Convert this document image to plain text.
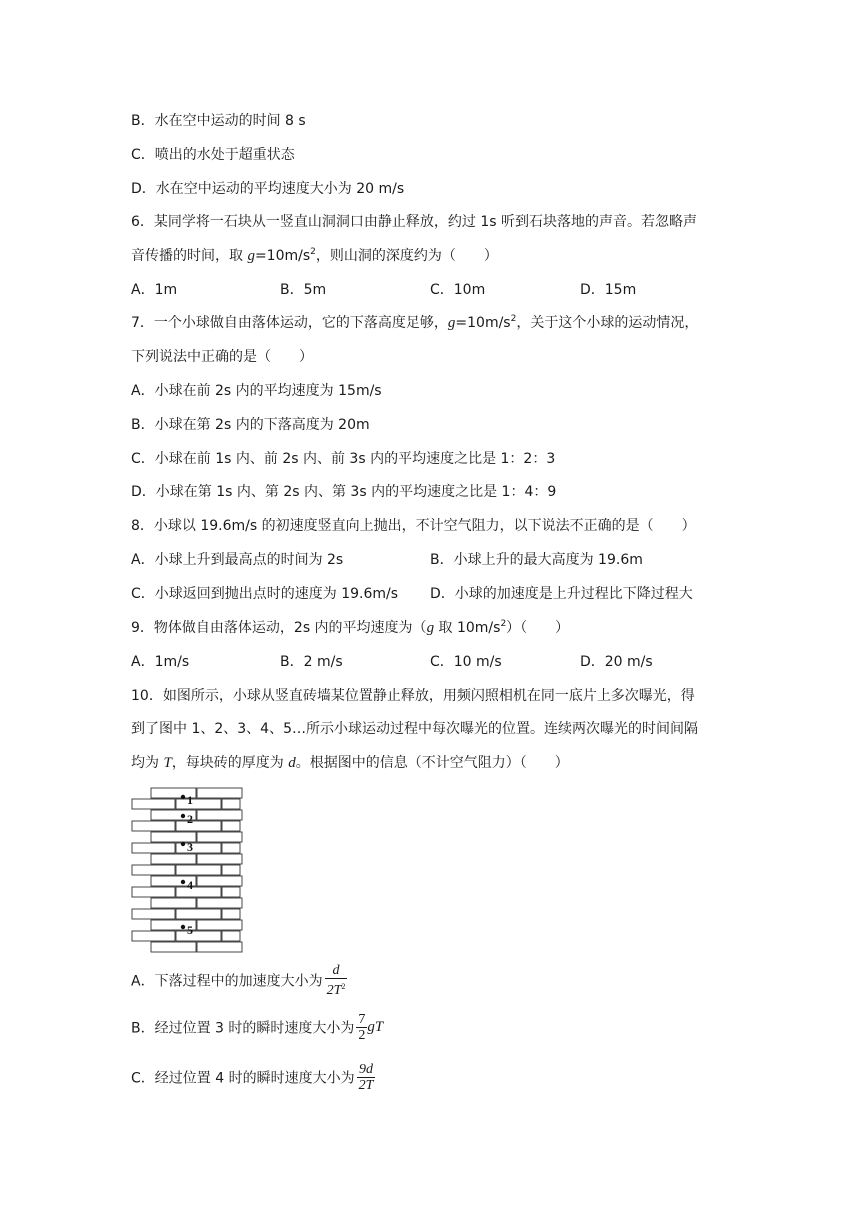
B．水在空中运动的时间 8 s
C．喷出的水处于超重状态
D．水在空中运动的平均速度大小为 20 m/s
6．某同学将一石块从一竖直山洞洞口由静止释放，约过 1s 听到石块落地的声音。若忽略声
音传播的时间，取 $g=10m/s^2$，则山洞的深度约为（　　）
A．1m	B．5m	C．10m	D．15m
7．一个小球做自由落体运动，它的下落高度足够，$g=10m/s^2$，关于这个小球的运动情况，
下列说法中正确的是（　　）
A．小球在前 2s 内的平均速度为 15m/s
B．小球在第 2s 内的下落高度为 20m
C．小球在前 1s 内、前 2s 内、前 3s 内的平均速度之比是 1：2：3
D．小球在第 1s 内、第 2s 内、第 3s 内的平均速度之比是 1：4：9
8．小球以 19.6m/s 的初速度竖直向上抛出，不计空气阻力，以下说法不正确的是（　　）
A．小球上升到最高点的时间为 2s	B．小球上升的最大高度为 19.6m
C．小球返回到抛出点时的速度为 19.6m/s D．小球的加速度是上升过程比下降过程大
9．物体做自由落体运动，2s 内的平均速度为（g 取 $10m/s^2$）（　　）
A．1m/s	B．2 m/s	C．10 m/s	D．20 m/s
10．如图所示，小球从竖直砖墙某位置静止释放，用频闪照相机在同一底片上多次曝光，得
到了图中 1、2、3、4、5…所示小球运动过程中每次曝光的位置。连续两次曝光的时间间隔
均为 T，每块砖的厚度为 d。根据图中的信息（不计空气阻力）（　　）
1
2
3
4
5
A．下落过程中的加速度大小为 $\frac{d}{2T^2}$
B．经过位置 3 时的瞬时速度大小为 $\frac{7}{2}$ gT
C．经过位置 4 时的瞬时速度大小为 $\frac{9d}{2T}$
